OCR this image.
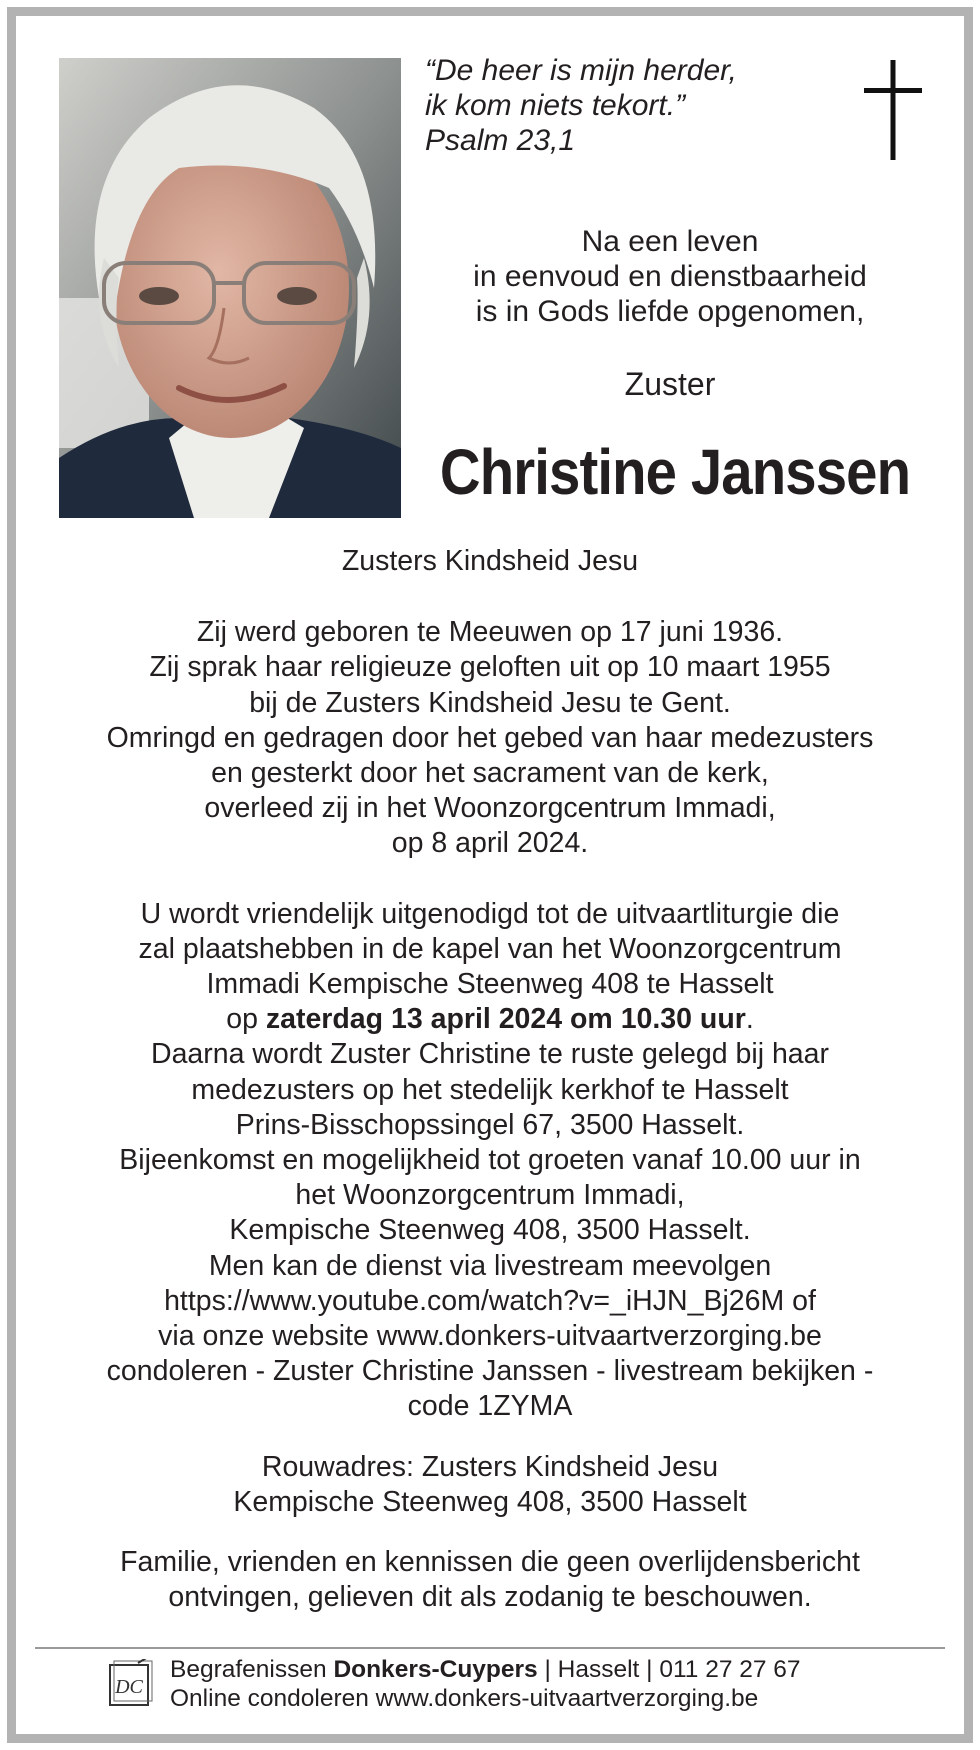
“De heer is mijn herder,
ik kom niets tekort.”
Psalm 23,1
Na een leven
in eenvoud en dienstbaarheid
is in Gods liefde opgenomen,
Zuster
Christine Janssen
Zusters Kindsheid Jesu
Zij werd geboren te Meeuwen op 17 juni 1936.
Zij sprak haar religieuze geloften uit op 10 maart 1955
bij de Zusters Kindsheid Jesu te Gent.
Omringd en gedragen door het gebed van haar medezusters
en gesterkt door het sacrament van de kerk,
overleed zij in het Woonzorgcentrum Immadi,
op 8 april 2024.
U wordt vriendelijk uitgenodigd tot de uitvaartliturgie die
zal plaatshebben in de kapel van het Woonzorgcentrum
Immadi Kempische Steenweg 408 te Hasselt
op zaterdag 13 april 2024 om 10.30 uur.
Daarna wordt Zuster Christine te ruste gelegd bij haar
medezusters op het stedelijk kerkhof te Hasselt
Prins-Bisschopssingel 67, 3500 Hasselt.
Bijeenkomst en mogelijkheid tot groeten vanaf 10.00 uur in
het Woonzorgcentrum Immadi,
Kempische Steenweg 408, 3500 Hasselt.
Men kan de dienst via livestream meevolgen
https://www.youtube.com/watch?v=_iHJN_Bj26M of
via onze website www.donkers-uitvaartverzorging.be
condoleren - Zuster Christine Janssen - livestream bekijken -
code 1ZYMA
Rouwadres: Zusters Kindsheid Jesu
Kempische Steenweg 408, 3500 Hasselt
Familie, vrienden en kennissen die geen overlijdensbericht
ontvingen, gelieven dit als zodanig te beschouwen.
DC
Begrafenissen Donkers-Cuypers | Hasselt | 011 27 27 67
Online condoleren www.donkers-uitvaartverzorging.be
